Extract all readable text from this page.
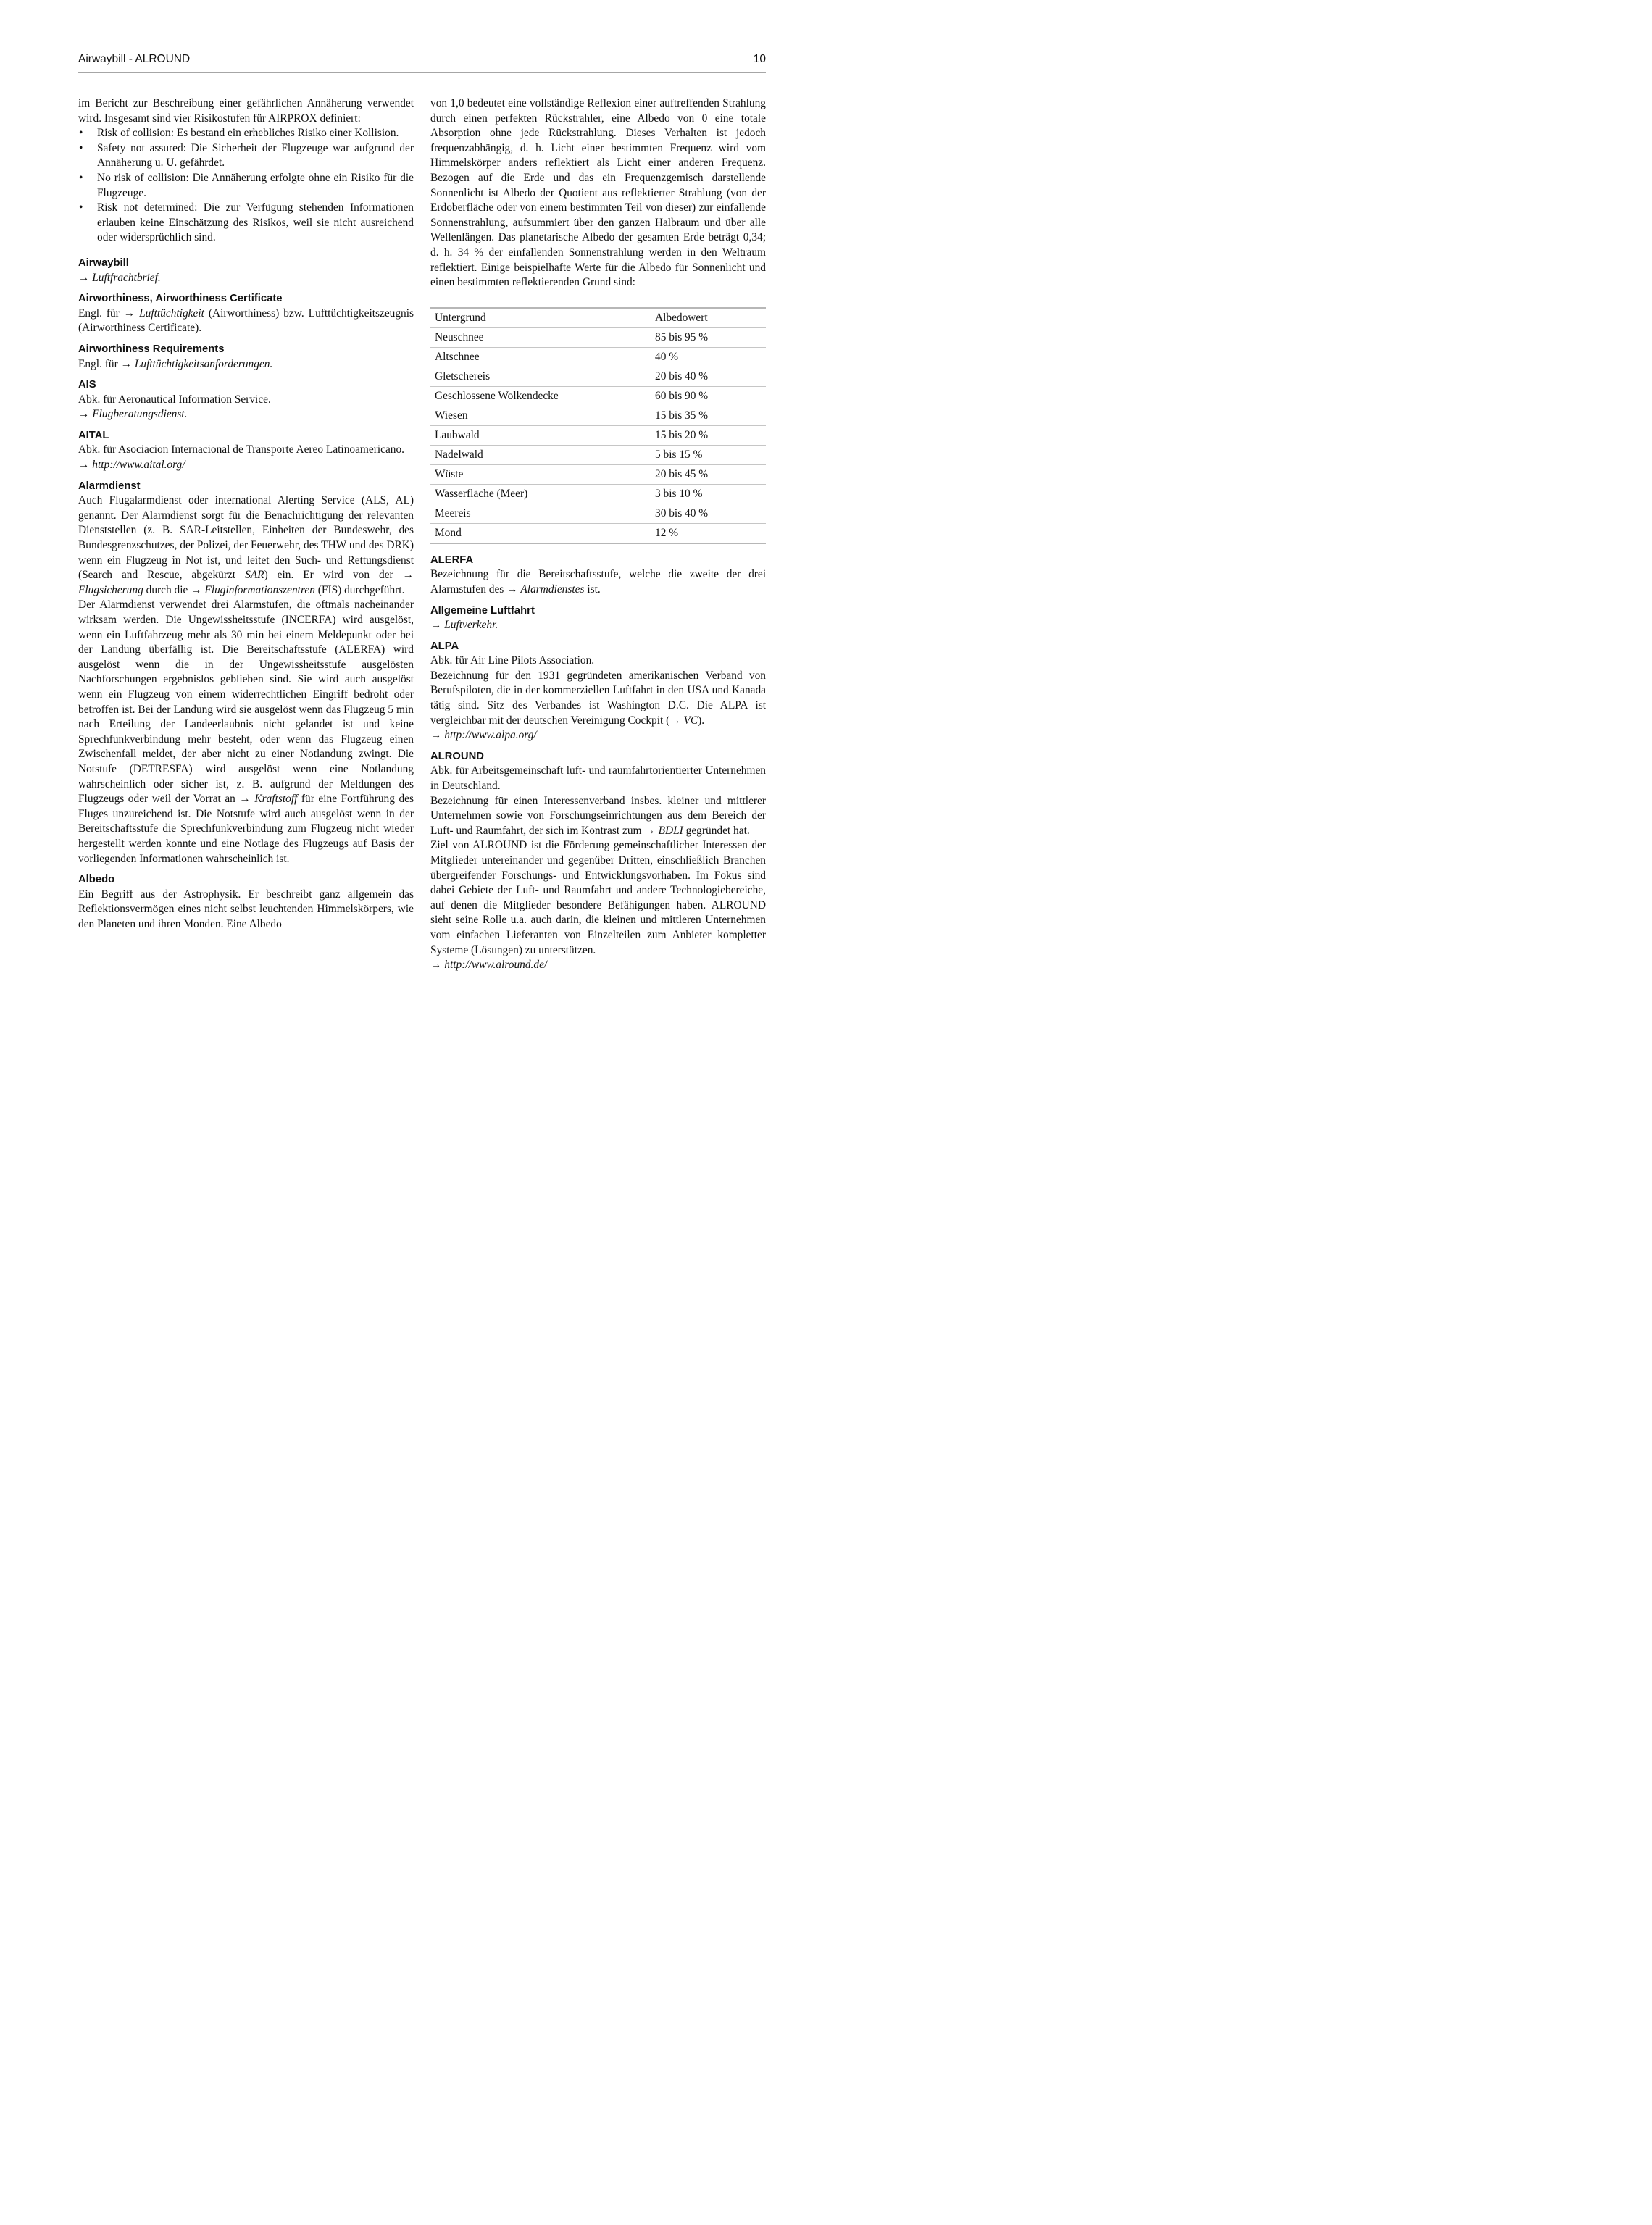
Airwaybill - ALROUND	10

im Bericht zur Beschreibung einer gefährlichen Annäherung verwendet wird. Insgesamt sind vier Risikostufen für AIRPROX definiert:

• Risk of collision: Es bestand ein erhebliches Risiko einer Kollision.
• Safety not assured: Die Sicherheit der Flugzeuge war aufgrund der Annäherung u. U. gefährdet.
• No risk of collision: Die Annäherung erfolgte ohne ein Risiko für die Flugzeuge.
• Risk not determined: Die zur Verfügung stehenden Informationen erlauben keine Einschätzung des Risikos, weil sie nicht ausreichend oder widersprüchlich sind.
Airwaybill

→ Luftfrachtbrief.

Airworthiness, Airworthiness Certificate

Engl. für → Lufttüchtigkeit (Airworthiness) bzw. Lufttüchtigkeitszeugnis (Airworthiness Certificate).

Airworthiness Requirements

Engl. für → Lufttüchtigkeitsanforderungen.

AIS

Abk. für Aeronautical Information Service.

→ Flugberatungsdienst.

AITAL

Abk. für Asociacion Internacional de Transporte Aereo Latinoamericano.

→ http://www.aital.org/

Alarmdienst

Auch Flugalarmdienst oder international Alerting Service (ALS, AL) genannt. Der Alarmdienst sorgt für die Benachrichtigung der relevanten Dienststellen (z. B. SAR-Leitstellen, Einheiten der Bundeswehr, des Bundesgrenzschutzes, der Polizei, der Feuerwehr, des THW und des DRK) wenn ein Flugzeug in Not ist, und leitet den Such- und Rettungsdienst (Search and Rescue, abgekürzt SAR) ein. Er wird von der → Flugsicherung durch die → Fluginformationszentren (FIS) durchgeführt.

Der Alarmdienst verwendet drei Alarmstufen, die oftmals nacheinander wirksam werden. Die Ungewissheitsstufe (INCERFA) wird ausgelöst, wenn ein Luftfahrzeug mehr als 30 min bei einem Meldepunkt oder bei der Landung überfällig ist. Die Bereitschaftsstufe (ALERFA) wird ausgelöst wenn die in der Ungewissheitsstufe ausgelösten Nachforschungen ergebnislos geblieben sind. Sie wird auch ausgelöst wenn ein Flugzeug von einem widerrechtlichen Eingriff bedroht oder betroffen ist. Bei der Landung wird sie ausgelöst wenn das Flugzeug 5 min nach Erteilung der Landeerlaubnis nicht gelandet ist und keine Sprechfunkverbindung mehr besteht, oder wenn das Flugzeug einen Zwischenfall meldet, der aber nicht zu einer Notlandung zwingt. Die Notstufe (DETRESFA) wird ausgelöst wenn eine Notlandung wahrscheinlich oder sicher ist, z. B. aufgrund der Meldungen des Flugzeugs oder weil der Vorrat an → Kraftstoff für eine Fortführung des Fluges unzureichend ist. Die Notstufe wird auch ausgelöst wenn in der Bereitschaftsstufe die Sprechfunkverbindung zum Flugzeug nicht wieder hergestellt werden konnte und eine Notlage des Flugzeugs auf Basis der vorliegenden Informationen wahrscheinlich ist.

Albedo

Ein Begriff aus der Astrophysik. Er beschreibt ganz allgemein das Reflektionsvermögen eines nicht selbst leuchtenden Himmelskörpers, wie den Planeten und ihren Monden. Eine Albedo

von 1,0 bedeutet eine vollständige Reflexion einer auftreffenden Strahlung durch einen perfekten Rückstrahler, eine Albedo von 0 eine totale Absorption ohne jede Rückstrahlung. Dieses Verhalten ist jedoch frequenzabhängig, d. h. Licht einer bestimmten Frequenz wird vom Himmelskörper anders reflektiert als Licht einer anderen Frequenz. Bezogen auf die Erde und das ein Frequenzgemisch darstellende Sonnenlicht ist Albedo der Quotient aus reflektierter Strahlung (von der Erdoberfläche oder von einem bestimmten Teil von dieser) zur einfallende Sonnenstrahlung, aufsummiert über den ganzen Halbraum und über alle Wellenlängen. Das planetarische Albedo der gesamten Erde beträgt 0,34; d. h. 34 % der einfallenden Sonnenstrahlung werden in den Weltraum reflektiert. Einige beispielhafte Werte für die Albedo für Sonnenlicht und einen bestimmten reflektierenden Grund sind:

Untergrund	Albedowert
Neuschnee	85 bis 95 %
Altschnee	40 %
Gletschereis	20 bis 40 %
Geschlossene Wolkendecke	60 bis 90 %
Wiesen	15 bis 35 %
Laubwald	15 bis 20 %
Nadelwald	5 bis 15 %
Wüste	20 bis 45 %
Wasserfläche (Meer)	3 bis 10 %
Meereis	30 bis 40 %
Mond	12 %
ALERFA

Bezeichnung für die Bereitschaftsstufe, welche die zweite der drei Alarmstufen des → Alarmdienstes ist.

Allgemeine Luftfahrt

→ Luftverkehr.

ALPA

Abk. für Air Line Pilots Association.

Bezeichnung für den 1931 gegründeten amerikanischen Verband von Berufspiloten, die in der kommerziellen Luftfahrt in den USA und Kanada tätig sind. Sitz des Verbandes ist Washington D.C. Die ALPA ist vergleichbar mit der deutschen Vereinigung Cockpit (→ VC).

→ http://www.alpa.org/

ALROUND

Abk. für Arbeitsgemeinschaft luft- und raumfahrtorientierter Unternehmen in Deutschland.

Bezeichnung für einen Interessenverband insbes. kleiner und mittlerer Unternehmen sowie von Forschungseinrichtungen aus dem Bereich der Luft- und Raumfahrt, der sich im Kontrast zum → BDLI gegründet hat.

Ziel von ALROUND ist die Förderung gemeinschaftlicher Interessen der Mitglieder untereinander und gegenüber Dritten, einschließlich Branchen übergreifender Forschungs- und Entwicklungsvorhaben. Im Fokus sind dabei Gebiete der Luft- und Raumfahrt und andere Technologiebereiche, auf denen die Mitglieder besondere Befähigungen haben. ALROUND sieht seine Rolle u.a. auch darin, die kleinen und mittleren Unternehmen vom einfachen Lieferanten von Einzelteilen zum Anbieter kompletter Systeme (Lösungen) zu unterstützen.

→ http://www.alround.de/
